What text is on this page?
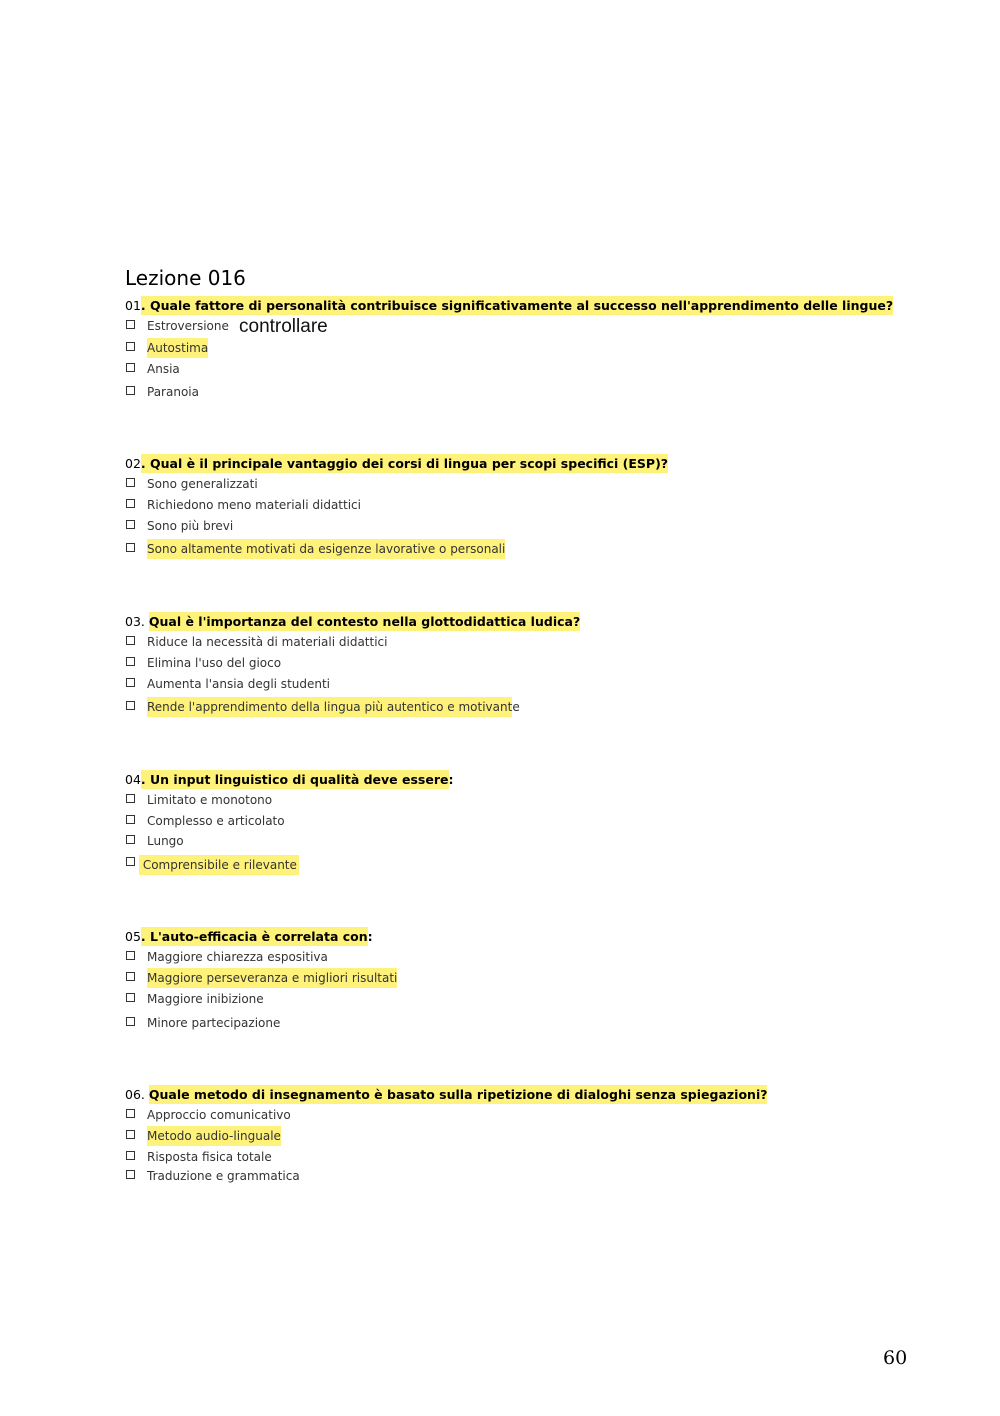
Lezione 016
controllare
01. Quale fattore di personalità contribuisce significativamente al successo nell'apprendimento delle lingue?
Estroversione
Autostima
Ansia
Paranoia
02. Qual è il principale vantaggio dei corsi di lingua per scopi specifici (ESP)?
Sono generalizzati
Richiedono meno materiali didattici
Sono più brevi
Sono altamente motivati da esigenze lavorative o personali
03. Qual è l'importanza del contesto nella glottodidattica ludica?
Riduce la necessità di materiali didattici
Elimina l'uso del gioco
Aumenta l'ansia degli studenti
Rende l'apprendimento della lingua più autentico e motivante
04. Un input linguistico di qualità deve essere:
Limitato e monotono
Complesso e articolato
Lungo
Comprensibile e rilevante
05. L'auto-efficacia è correlata con:
Maggiore chiarezza espositiva
Maggiore perseveranza e migliori risultati
Maggiore inibizione
Minore partecipazione
06. Quale metodo di insegnamento è basato sulla ripetizione di dialoghi senza spiegazioni?
Approccio comunicativo
Metodo audio-linguale
Risposta fisica totale
Traduzione e grammatica
60
